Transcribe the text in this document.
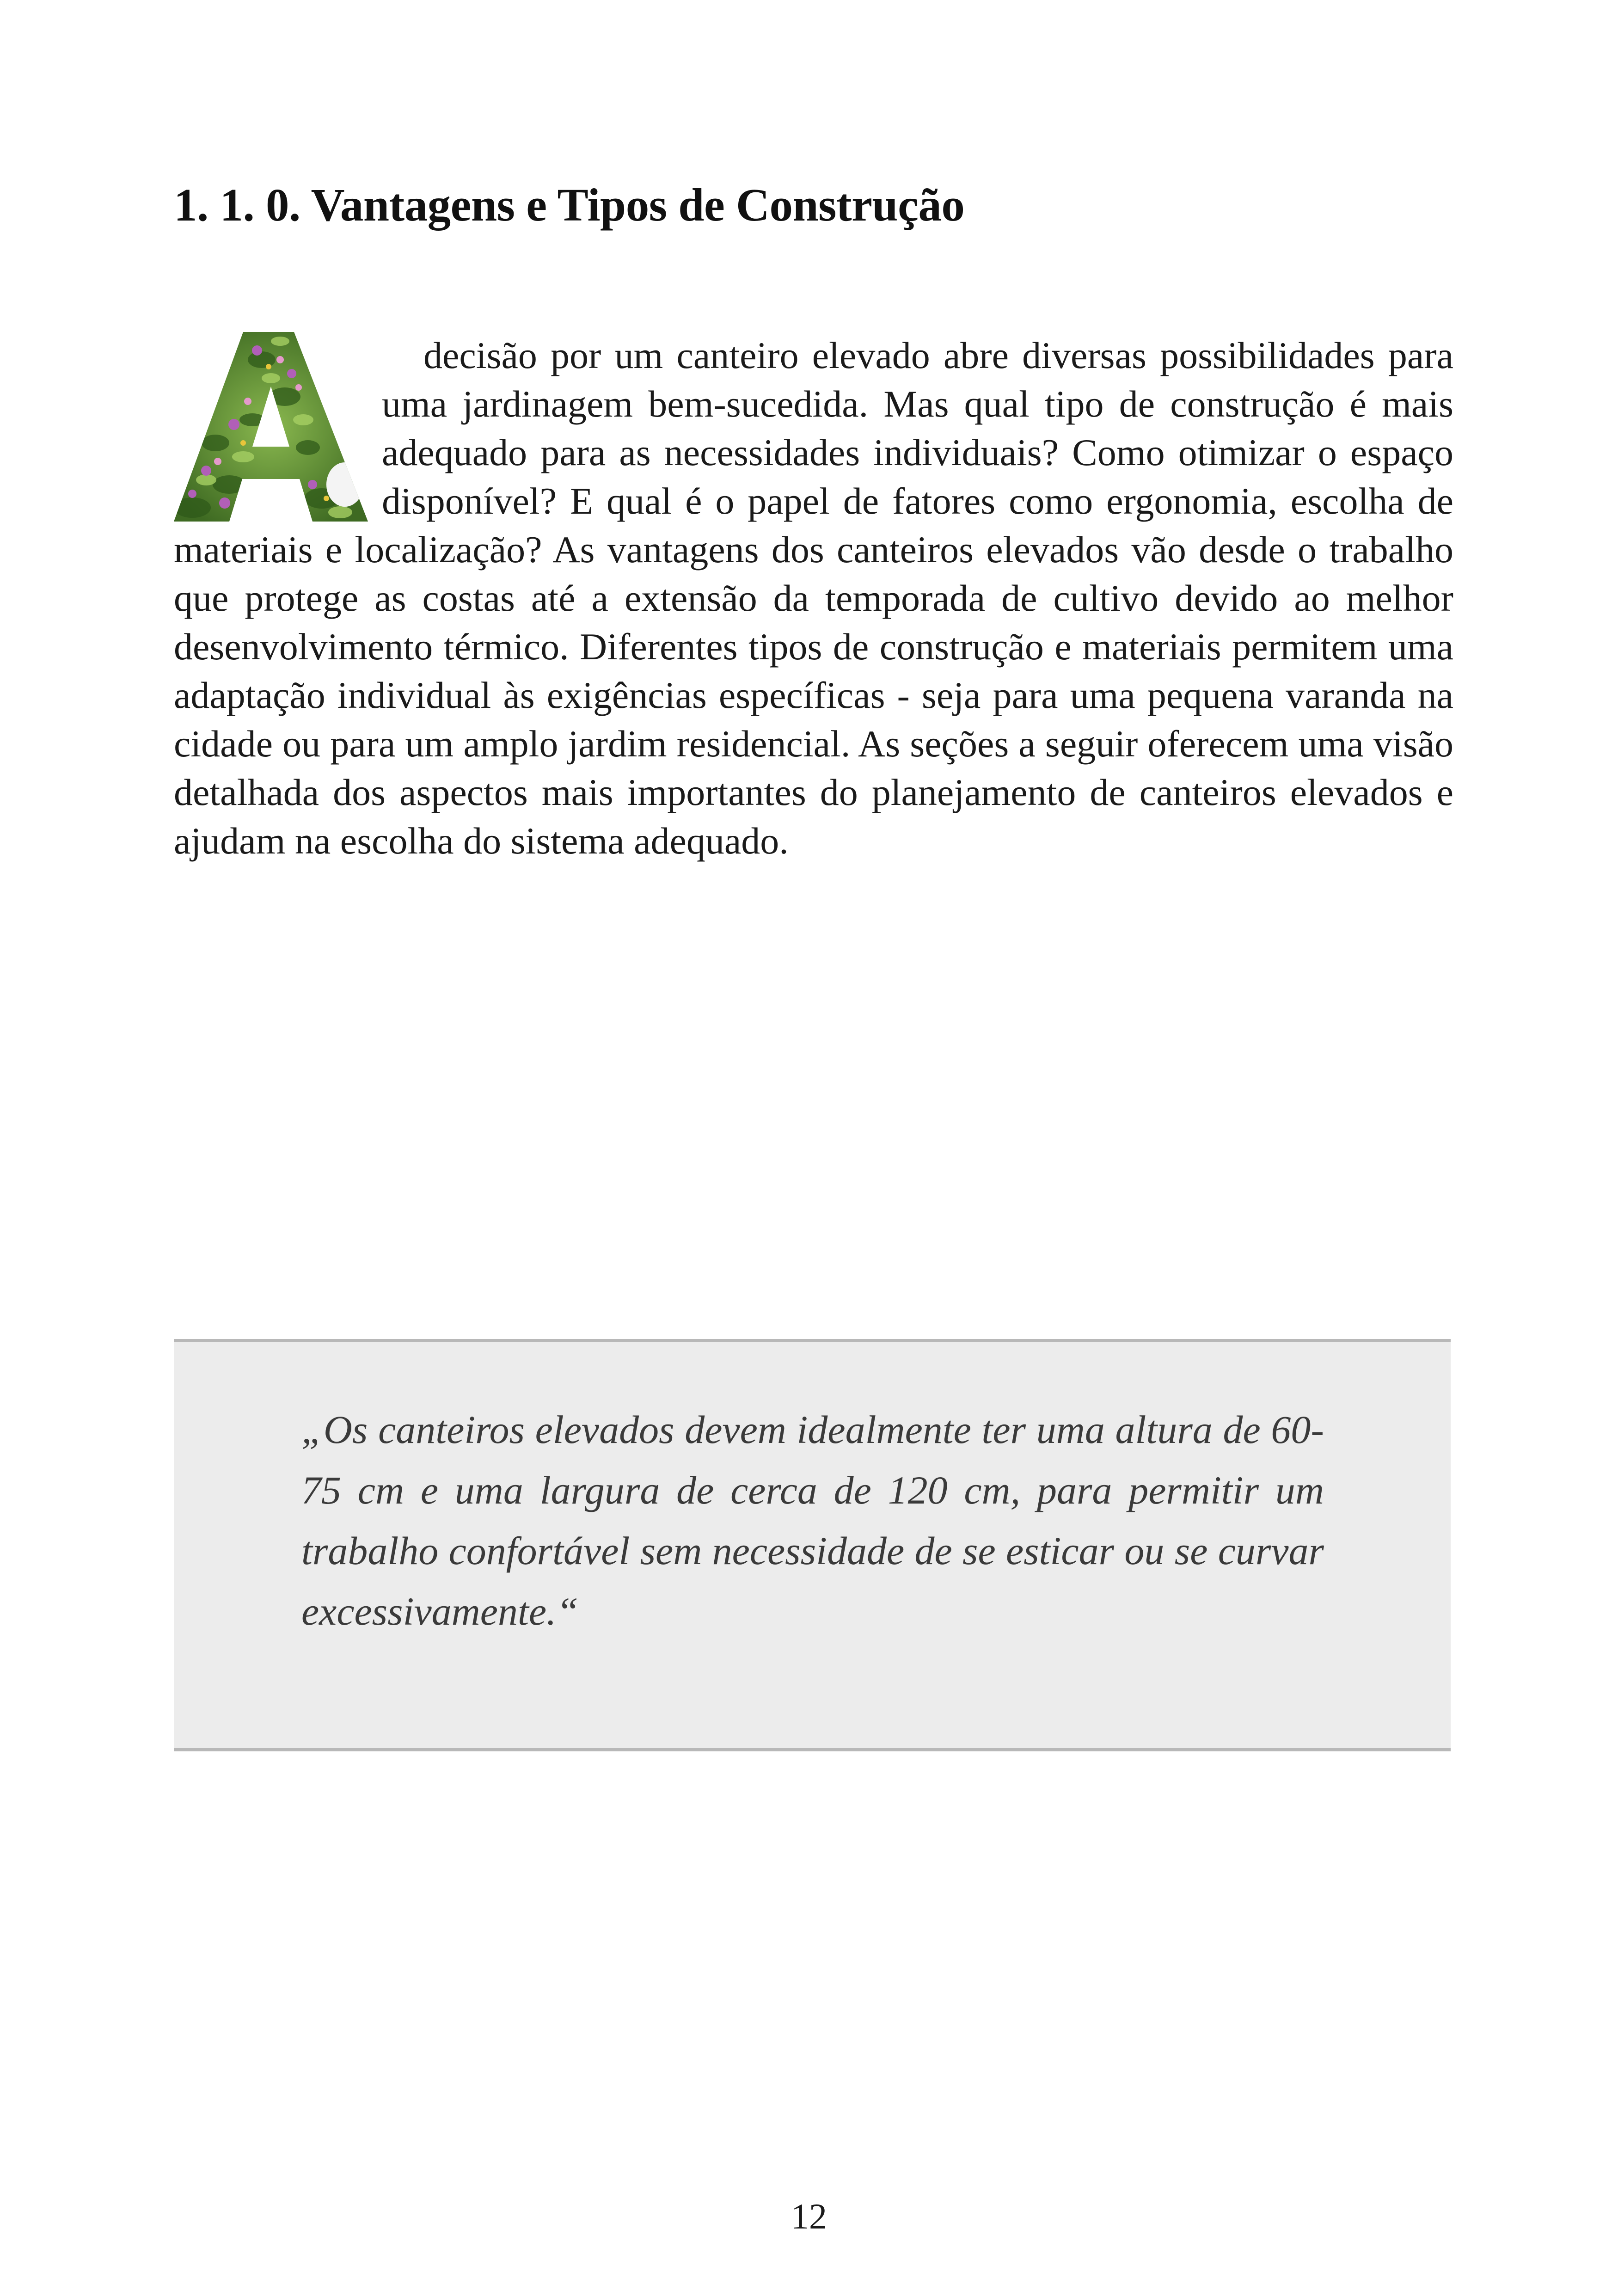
1. 1. 0. Vantagens e Tipos de Construção
decisão por um canteiro elevado abre diversas possibilidades para uma jardinagem bem-sucedida. Mas qual tipo de construção é mais adequado para as necessidades individuais? Como otimizar o espaço disponível? E qual é o papel de fatores como ergonomia, escolha de materiais e localização? As vantagens dos canteiros elevados vão desde o trabalho que protege as costas até a extensão da temporada de cultivo devido ao melhor desenvolvimento térmico. Diferentes tipos de construção e materiais permitem uma adaptação individual às exigências específicas - seja para uma pequena varanda na cidade ou para um amplo jardim residencial. As seções a seguir oferecem uma visão detalhada dos aspectos mais importantes do planejamento de canteiros elevados e ajudam na escolha do sistema adequado.

„Os canteiros elevados devem idealmente ter uma altura de 60-75 cm e uma largura de cerca de 120 cm, para permitir um trabalho confortável sem necessidade de se esticar ou se curvar excessivamente.“

12
